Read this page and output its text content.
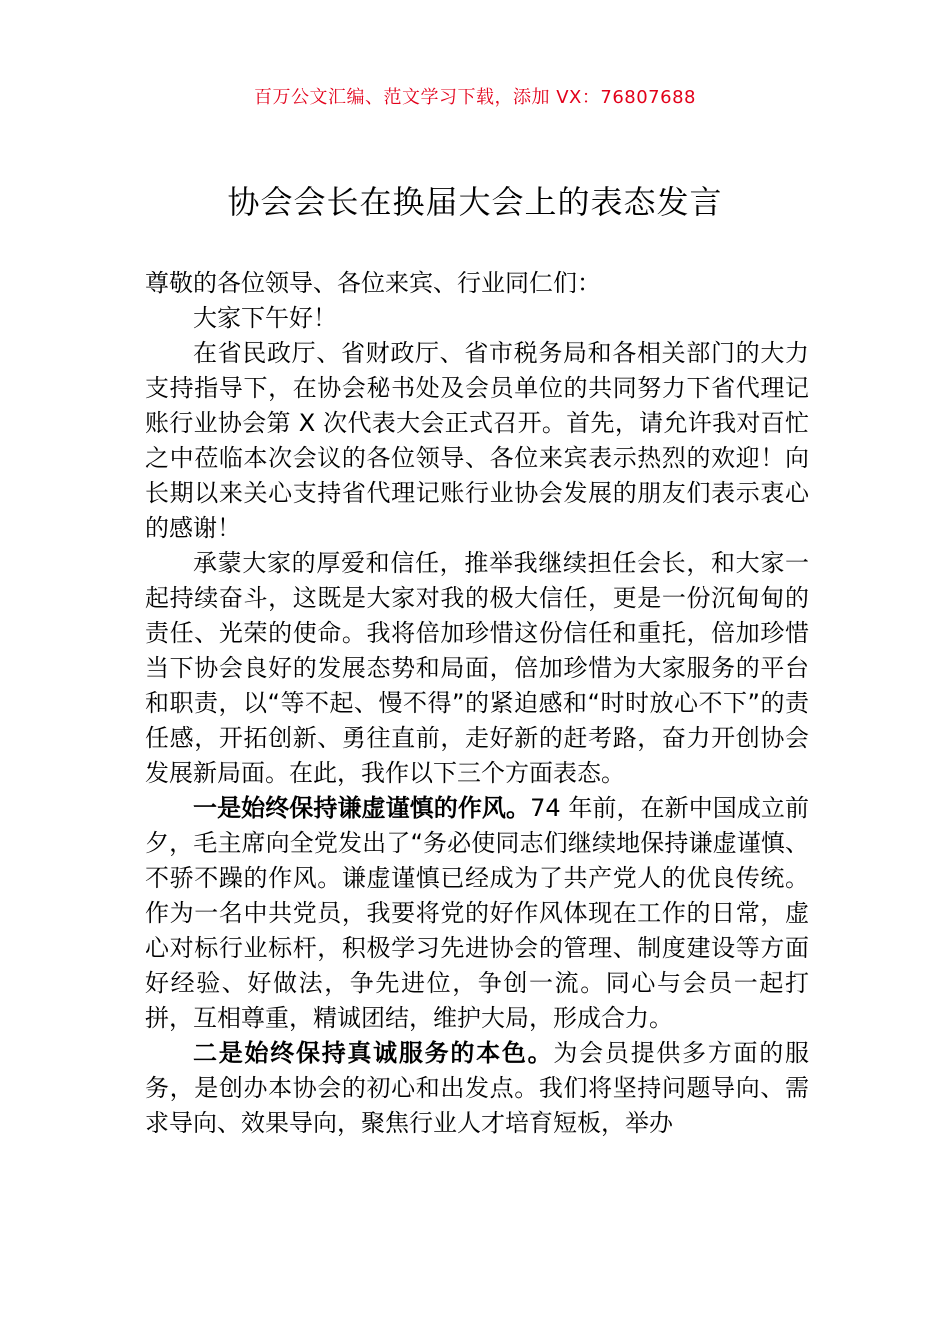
百万公文汇编、范文学习下载，添加 VX：76807688
协会会长在换届大会上的表态发言

尊敬的各位领导、各位来宾、行业同仁们：

大家下午好！

在省民政厅、省财政厅、省市税务局和各相关部门的大力支持指导下，在协会秘书处及会员单位的共同努力下省代理记账行业协会第 X 次代表大会正式召开。首先，请允许我对百忙之中莅临本次会议的各位领导、各位来宾表示热烈的欢迎！向长期以来关心支持省代理记账行业协会发展的朋友们表示衷心的感谢！

承蒙大家的厚爱和信任，推举我继续担任会长，和大家一起持续奋斗，这既是大家对我的极大信任，更是一份沉甸甸的责任、光荣的使命。我将倍加珍惜这份信任和重托，倍加珍惜当下协会良好的发展态势和局面，倍加珍惜为大家服务的平台和职责，以“等不起、慢不得”的紧迫感和“时时放心不下”的责任感，开拓创新、勇往直前，走好新的赶考路，奋力开创协会发展新局面。在此，我作以下三个方面表态。

一是始终保持谦虚谨慎的作风。74 年前，在新中国成立前夕，毛主席向全党发出了“务必使同志们继续地保持谦虚谨慎、不骄不躁的作风。谦虚谨慎已经成为了共产党人的优良传统。作为一名中共党员，我要将党的好作风体现在工作的日常，虚心对标行业标杆，积极学习先进协会的管理、制度建设等方面好经验、好做法，争先进位，争创一流。同心与会员一起打拼，互相尊重，精诚团结，维护大局，形成合力。

二是始终保持真诚服务的本色。为会员提供多方面的服务，是创办本协会的初心和出发点。我们将坚持问题导向、需求导向、效果导向，聚焦行业人才培育短板，举办
